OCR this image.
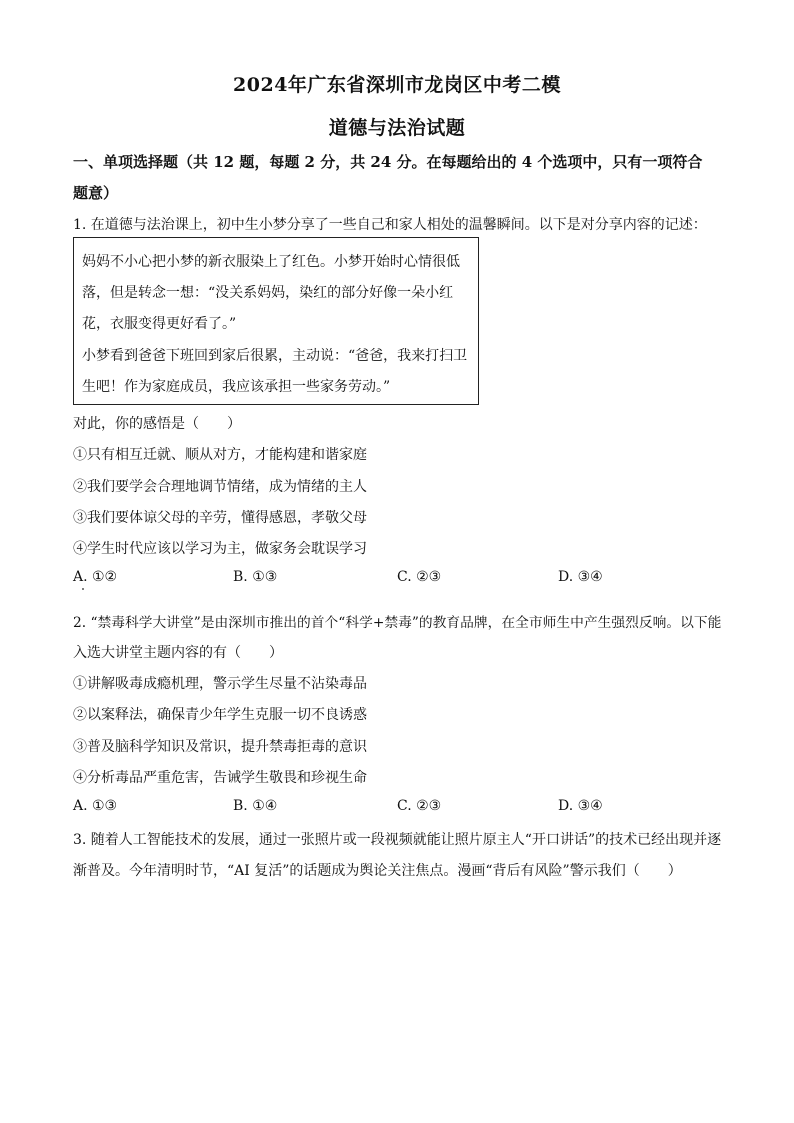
2024年广东省深圳市龙岗区中考二模
道德与法治试题
一、单项选择题（共 12 题，每题 2 分，共 24 分。在每题给出的 4 个选项中，只有一项符合
题意）
1. 在道德与法治课上，初中生小梦分享了一些自己和家人相处的温馨瞬间。以下是对分享内容的记述：
妈妈不小心把小梦的新衣服染上了红色。小梦开始时心情很低
落，但是转念一想：“没关系妈妈，染红的部分好像一朵小红
花，衣服变得更好看了。”
小梦看到爸爸下班回到家后很累，主动说：“爸爸，我来打扫卫
生吧！作为家庭成员，我应该承担一些家务劳动。”
对此，你的感悟是（　　）
①只有相互迁就、顺从对方，才能构建和谐家庭
②我们要学会合理地调节情绪，成为情绪的主人
③我们要体谅父母的辛劳，懂得感恩，孝敬父母
④学生时代应该以学习为主，做家务会耽误学习
A. ①②	B. ①③	C. ②③	D. ③④
2. “禁毒科学大讲堂”是由深圳市推出的首个“科学+禁毒”的教育品牌，在全市师生中产生强烈反响。以下能
入选大讲堂主题内容的有（　　）
①讲解吸毒成瘾机理，警示学生尽量不沾染毒品
②以案释法，确保青少年学生克服一切不良诱惑
③普及脑科学知识及常识，提升禁毒拒毒的意识
④分析毒品严重危害，告诫学生敬畏和珍视生命
A. ①③	B. ①④	C. ②③	D. ③④
3. 随着人工智能技术的发展，通过一张照片或一段视频就能让照片原主人“开口讲话”的技术已经出现并逐
渐普及。今年清明时节，“AI 复活”的话题成为舆论关注焦点。漫画“背后有风险”警示我们（　　）
